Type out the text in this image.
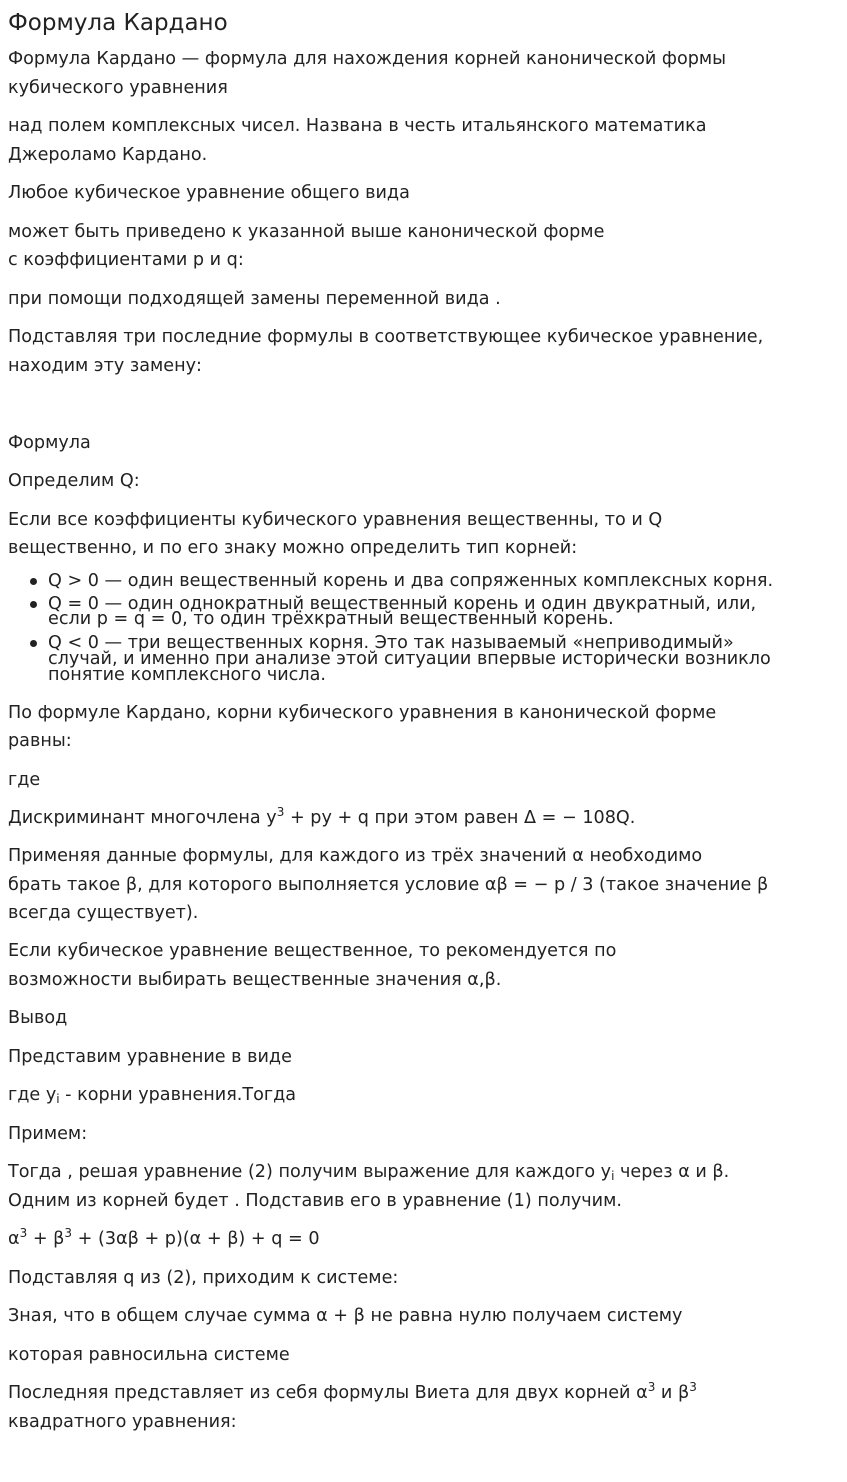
Формула Кардано
Формула Кардано — формула для нахождения корней канонической формы
кубического уравнения
над полем комплексных чисел. Названа в честь итальянского математика
Джероламо Кардано.
Любое кубическое уравнение общего вида
может быть приведено к указанной выше канонической форме
с коэффициентами p и q:
при помощи подходящей замены переменной вида .
Подставляя три последние формулы в соответствующее кубическое уравнение,
находим эту замену:
Формула
Определим Q:
Если все коэффициенты кубического уравнения вещественны, то и Q
вещественно, и по его знаку можно определить тип корней:
Q > 0 — один вещественный корень и два сопряженных комплексных корня.
Q = 0 — один однократный вещественный корень и один двукратный, или,
если p = q = 0, то один трёхкратный вещественный корень.
Q < 0 — три вещественных корня. Это так называемый «неприводимый»
случай, и именно при анализе этой ситуации впервые исторически возникло
понятие комплексного числа.
По формуле Кардано, корни кубического уравнения в канонической форме
равны:
где
Дискриминант многочлена $y^3$ + py + q при этом равен Δ = − 108Q.
Применяя данные формулы, для каждого из трёх значений α необходимо
брать такое β, для которого выполняется условие αβ = − p / 3 (такое значение β
всегда существует).
Если кубическое уравнение вещественное, то рекомендуется по
возможности выбирать вещественные значения α,β.
Вывод
Представим уравнение в виде
где $y_i$ - корни уравнения.Тогда
Примем:
Тогда , решая уравнение (2) получим выражение для каждого $y_i$ через α и β.
Одним из корней будет . Подставив его в уравнение (1) получим.
$\alpha^3 + \beta^3 + (3\alpha\beta + p)(\alpha + \beta) + q = 0$
Подставляя q из (2), приходим к системе:
Зная, что в общем случае сумма α + β не равна нулю получаем систему
которая равносильна системе
Последняя представляет из себя формулы Виета для двух корней $\alpha^3$ и $\beta^3$
квадратного уравнения:
